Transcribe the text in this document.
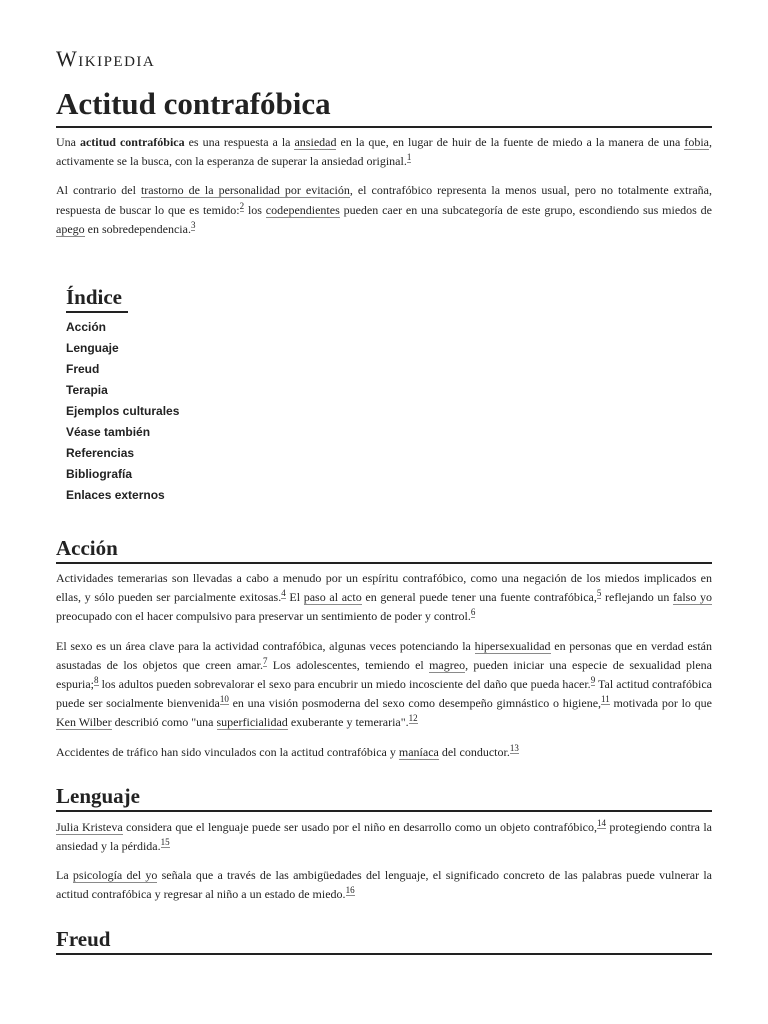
Wikipedia
Actitud contrafóbica

Una actitud contrafóbica es una respuesta a la ansiedad en la que, en lugar de huir de la fuente de miedo a la manera de una fobia, activamente se la busca, con la esperanza de superar la ansiedad original.$^1$

Al contrario del trastorno de la personalidad por evitación, el contrafóbico representa la menos usual, pero no totalmente extraña, respuesta de buscar lo que es temido:$^2$ los codependientes pueden caer en una subcategoría de este grupo, escondiendo sus miedos de apego en sobredependencia.$^3$

Índice
Acción
Lenguaje
Freud
Terapia
Ejemplos culturales
Véase también
Referencias
Bibliografía
Enlaces externos
Acción

Actividades temerarias son llevadas a cabo a menudo por un espíritu contrafóbico, como una negación de los miedos implicados en ellas, y sólo pueden ser parcialmente exitosas.$^4$ El paso al acto en general puede tener una fuente contrafóbica,$^5$ reflejando un falso yo preocupado con el hacer compulsivo para preservar un sentimiento de poder y control.$^6$

El sexo es un área clave para la actividad contrafóbica, algunas veces potenciando la hipersexualidad en personas que en verdad están asustadas de los objetos que creen amar.$^7$ Los adolescentes, temiendo el magreo, pueden iniciar una especie de sexualidad plena espuria;$^8$ los adultos pueden sobrevalorar el sexo para encubrir un miedo incosciente del daño que pueda hacer.$^9$ Tal actitud contrafóbica puede ser socialmente bienvenida$^{10}$ en una visión posmoderna del sexo como desempeño gimnástico o higiene,$^{11}$ motivada por lo que Ken Wilber describió como "una superficialidad exuberante y temeraria".$^{12}$

Accidentes de tráfico han sido vinculados con la actitud contrafóbica y maníaca del conductor.$^{13}$

Lenguaje

Julia Kristeva considera que el lenguaje puede ser usado por el niño en desarrollo como un objeto contrafóbico,$^{14}$ protegiendo contra la ansiedad y la pérdida.$^{15}$

La psicología del yo señala que a través de las ambigüedades del lenguaje, el significado concreto de las palabras puede vulnerar la actitud contrafóbica y regresar al niño a un estado de miedo.$^{16}$

Freud
